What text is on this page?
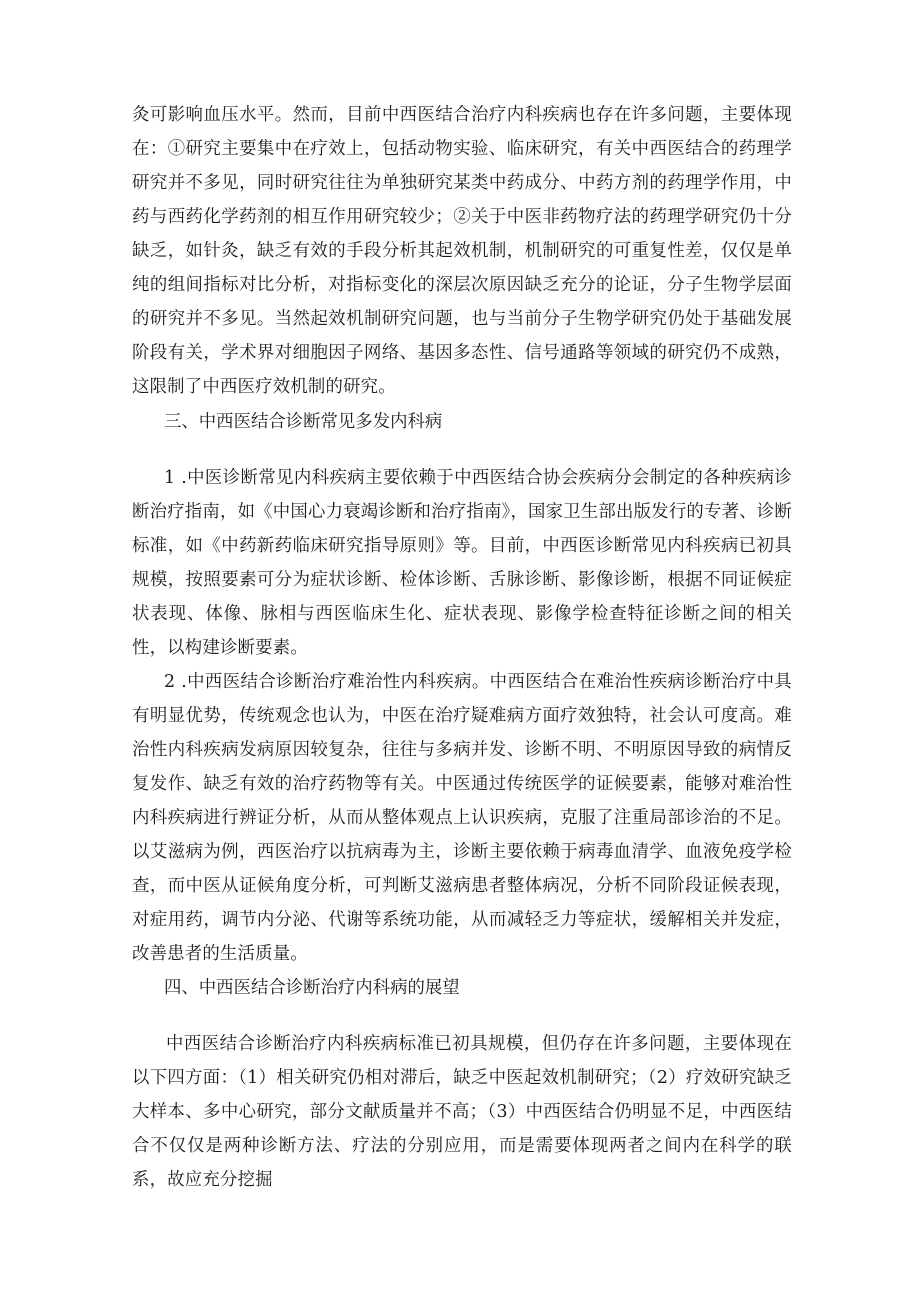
灸可影响血压水平。然而，目前中西医结合治疗内科疾病也存在许多问题，主要体现在：①研究主要集中在疗效上，包括动物实验、临床研究，有关中西医结合的药理学研究并不多见，同时研究往往为单独研究某类中药成分、中药方剂的药理学作用，中药与西药化学药剂的相互作用研究较少；②关于中医非药物疗法的药理学研究仍十分缺乏，如针灸，缺乏有效的手段分析其起效机制，机制研究的可重复性差，仅仅是单纯的组间指标对比分析，对指标变化的深层次原因缺乏充分的论证，分子生物学层面的研究并不多见。当然起效机制研究问题，也与当前分子生物学研究仍处于基础发展阶段有关，学术界对细胞因子网络、基因多态性、信号通路等领域的研究仍不成熟，这限制了中西医疗效机制的研究。

三、中西医结合诊断常见多发内科病

1 .中医诊断常见内科疾病主要依赖于中西医结合协会疾病分会制定的各种疾病诊断治疗指南，如《中国心力衰竭诊断和治疗指南》，国家卫生部出版发行的专著、诊断标准，如《中药新药临床研究指导原则》等。目前，中西医诊断常见内科疾病已初具规模，按照要素可分为症状诊断、检体诊断、舌脉诊断、影像诊断，根据不同证候症状表现、体像、脉相与西医临床生化、症状表现、影像学检查特征诊断之间的相关性，以构建诊断要素。

2 .中西医结合诊断治疗难治性内科疾病。中西医结合在难治性疾病诊断治疗中具有明显优势，传统观念也认为，中医在治疗疑难病方面疗效独特，社会认可度高。难治性内科疾病发病原因较复杂，往往与多病并发、诊断不明、不明原因导致的病情反复发作、缺乏有效的治疗药物等有关。中医通过传统医学的证候要素，能够对难治性内科疾病进行辨证分析，从而从整体观点上认识疾病，克服了注重局部诊治的不足。以艾滋病为例，西医治疗以抗病毒为主，诊断主要依赖于病毒血清学、血液免疫学检查，而中医从证候角度分析，可判断艾滋病患者整体病况，分析不同阶段证候表现，对症用药，调节内分泌、代谢等系统功能，从而减轻乏力等症状，缓解相关并发症，改善患者的生活质量。

四、中西医结合诊断治疗内科病的展望

中西医结合诊断治疗内科疾病标准已初具规模，但仍存在许多问题，主要体现在以下四方面：（1）相关研究仍相对滞后，缺乏中医起效机制研究；（2）疗效研究缺乏大样本、多中心研究，部分文献质量并不高；（3）中西医结合仍明显不足，中西医结合不仅仅是两种诊断方法、疗法的分别应用，而是需要体现两者之间内在科学的联系，故应充分挖掘
